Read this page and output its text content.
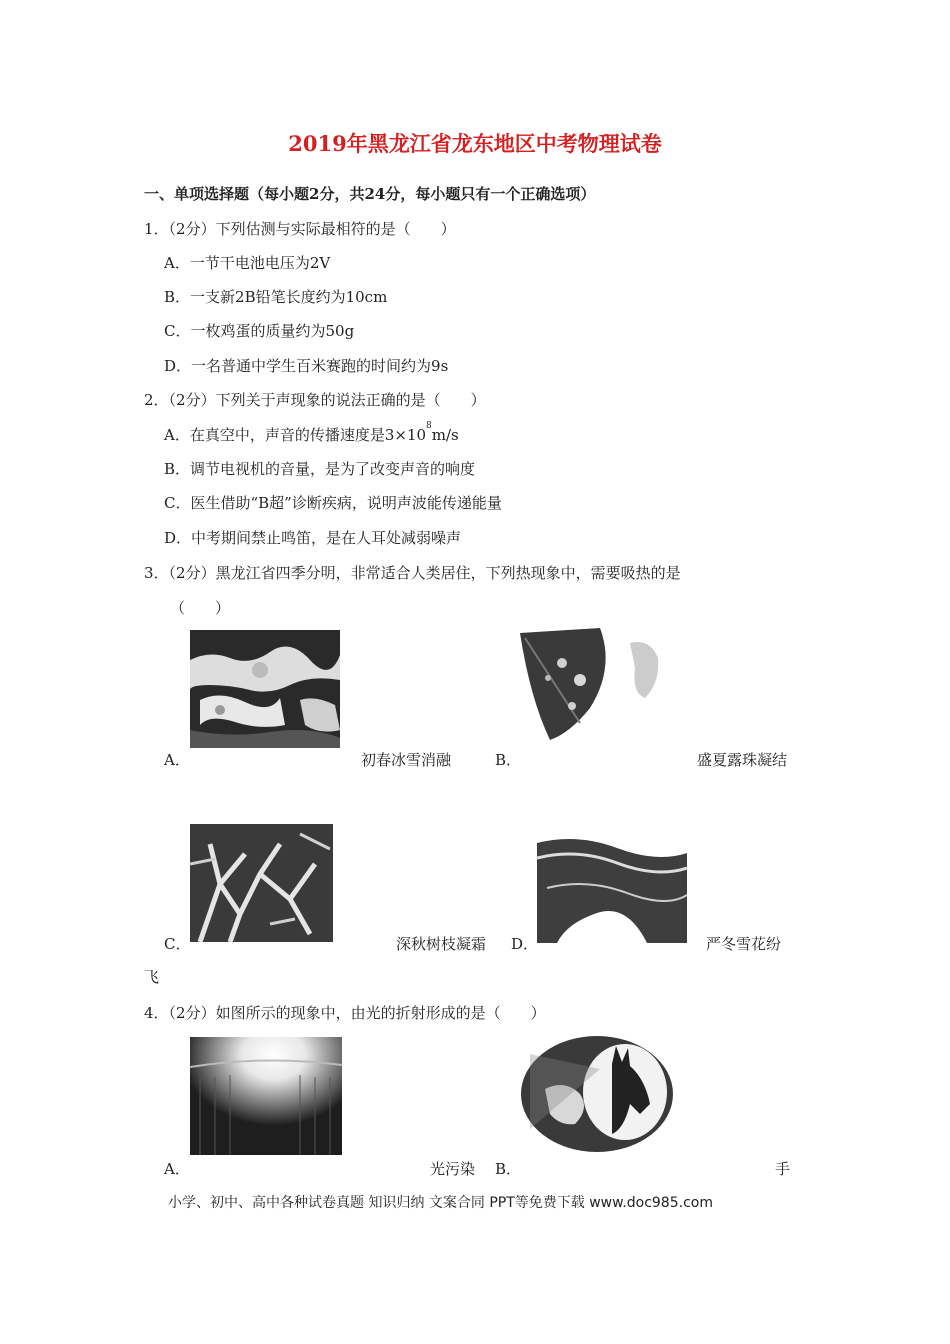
2019年黑龙江省龙东地区中考物理试卷
一、单项选择题（每小题2分，共24分，每小题只有一个正确选项）
1．（2分）下列估测与实际最相符的是（　　）
A．一节干电池电压为2V
B．一支新2B铅笔长度约为10cm
C．一枚鸡蛋的质量约为50g
D．一名普通中学生百米赛跑的时间约为9s
2．（2分）下列关于声现象的说法正确的是（　　）
A．在真空中，声音的传播速度是$3\times 10^8m/s$
B．调节电视机的音量，是为了改变声音的响度
C．医生借助“B超”诊断疾病，说明声波能传递能量
D．中考期间禁止鸣笛，是在人耳处减弱噪声
3．（2分）黑龙江省四季分明，非常适合人类居住，下列热现象中，需要吸热的是
（　　）
A．	初春冰雪消融	B．	盛夏露珠凝结
C．	深秋树枝凝霜 D．	严冬雪花纷
飞
4．（2分）如图所示的现象中，由光的折射形成的是（　　）
A．	光污染 B．	手
小学、初中、高中各种试卷真题 知识归纳 文案合同 PPT等免费下载 www.doc985.com
